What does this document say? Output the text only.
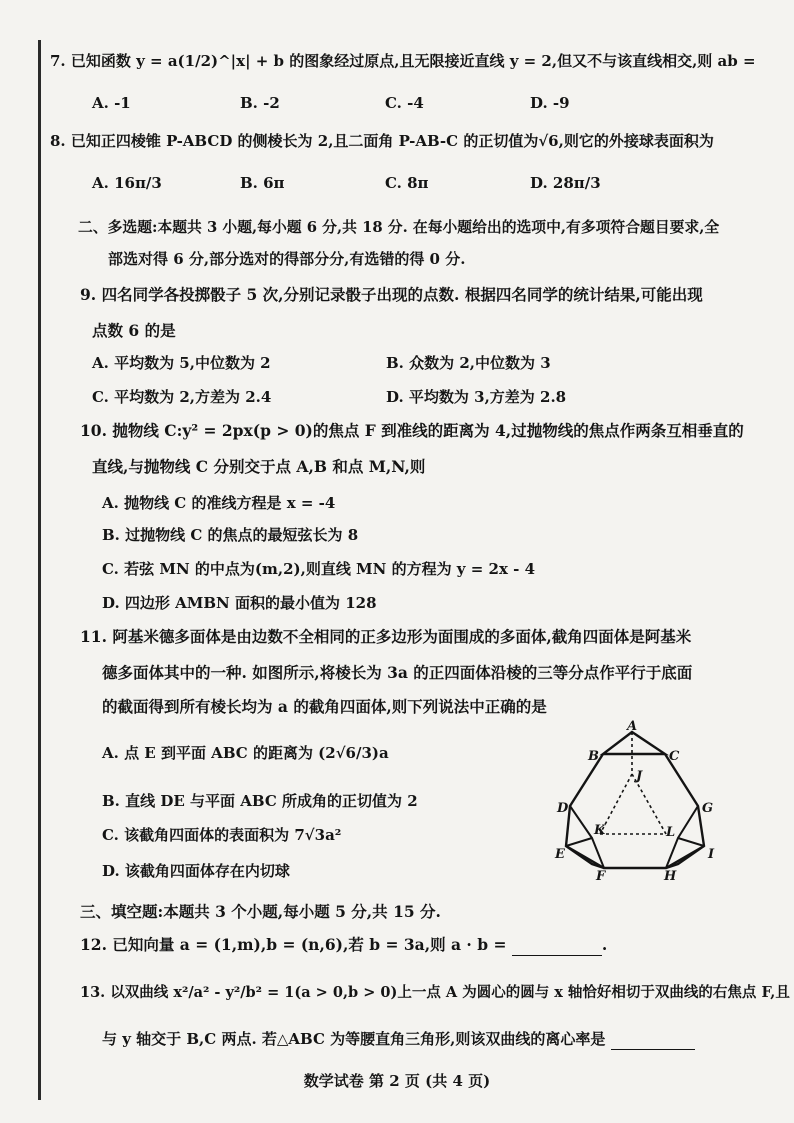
7. 已知函数 y = a(1/2)^|x| + b 的图象经过原点,且无限接近直线 y = 2,但又不与该直线相交,则 ab =
A. -1	B. -2	C. -4	D. -9
8. 已知正四棱锥 P-ABCD 的侧棱长为 2,且二面角 P-AB-C 的正切值为√6,则它的外接球表面积为
A. 16π/3	B. 6π	C. 8π	D. 28π/3
二、多选题:本题共 3 小题,每小题 6 分,共 18 分. 在每小题给出的选项中,有多项符合题目要求,全
部选对得 6 分,部分选对的得部分分,有选错的得 0 分.
9. 四名同学各投掷骰子 5 次,分别记录骰子出现的点数. 根据四名同学的统计结果,可能出现
点数 6 的是
A. 平均数为 5,中位数为 2	B. 众数为 2,中位数为 3
C. 平均数为 2,方差为 2.4	D. 平均数为 3,方差为 2.8
10. 抛物线 C:y² = 2px(p > 0)的焦点 F 到准线的距离为 4,过抛物线的焦点作两条互相垂直的
直线,与抛物线 C 分别交于点 A,B 和点 M,N,则
A. 抛物线 C 的准线方程是 x = -4
B. 过抛物线 C 的焦点的最短弦长为 8
C. 若弦 MN 的中点为(m,2),则直线 MN 的方程为 y = 2x - 4
D. 四边形 AMBN 面积的最小值为 128
11. 阿基米德多面体是由边数不全相同的正多边形为面围成的多面体,截角四面体是阿基米
德多面体其中的一种. 如图所示,将棱长为 3a 的正四面体沿棱的三等分点作平行于底面
的截面得到所有棱长均为 a 的截角四面体,则下列说法中正确的是
A. 点 E 到平面 ABC 的距离为 (2√6/3)a
B. 直线 DE 与平面 ABC 所成角的正切值为 2
C. 该截角四面体的表面积为 7√3a²
D. 该截角四面体存在内切球
A
B	C
J
D	G
K	L
E	I
F	H
三、填空题:本题共 3 个小题,每小题 5 分,共 15 分.
12. 已知向量 a = (1,m),b = (n,6),若 b = 3a,则 a · b =	.
13. 以双曲线 x²/a² - y²/b² = 1(a > 0,b > 0)上一点 A 为圆心的圆与 x 轴恰好相切于双曲线的右焦点 F,且
与 y 轴交于 B,C 两点. 若△ABC 为等腰直角三角形,则该双曲线的离心率是
数学试卷 第 2 页 (共 4 页)
